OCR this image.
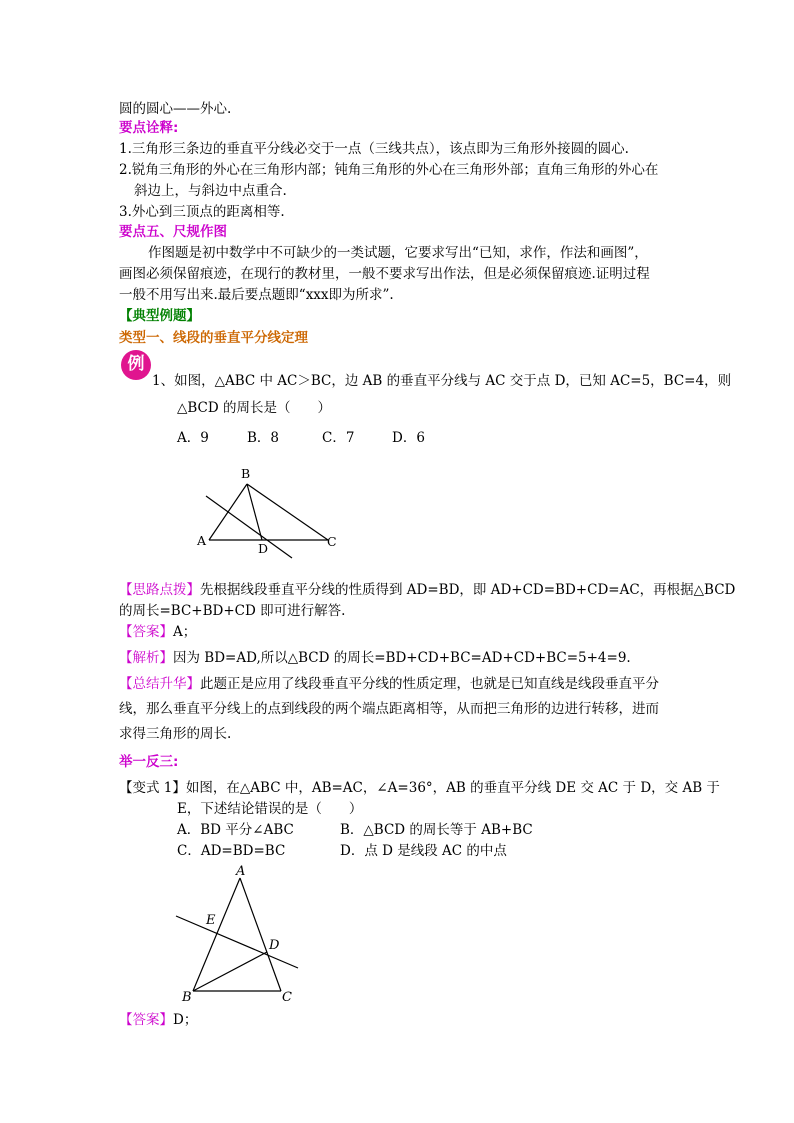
圆的圆心——外心.
要点诠释:
1.三角形三条边的垂直平分线必交于一点（三线共点），该点即为三角形外接圆的圆心.
2.锐角三角形的外心在三角形内部；钝角三角形的外心在三角形外部；直角三角形的外心在
斜边上，与斜边中点重合.
3.外心到三顶点的距离相等.
要点五、尺规作图
作图题是初中数学中不可缺少的一类试题，它要求写出“已知，求作，作法和画图”，
画图必须保留痕迹，在现行的教材里，一般不要求写出作法，但是必须保留痕迹.证明过程
一般不用写出来.最后要点题即“xxx即为所求”.
【典型例题】
类型一、线段的垂直平分线定理
例
1、如图，△ABC 中 AC＞BC，边 AB 的垂直平分线与 AC 交于点 D，已知 AC=5，BC=4，则
△BCD 的周长是（　　）
A．9	B．8	C．7	D．6
B
A
D	C
【思路点拨】先根据线段垂直平分线的性质得到 AD=BD，即 AD+CD=BD+CD=AC，再根据△BCD
的周长=BC+BD+CD 即可进行解答.
【答案】A；
【解析】因为 BD=AD,所以△BCD 的周长=BD+CD+BC=AD+CD+BC=5+4=9.
【总结升华】此题正是应用了线段垂直平分线的性质定理，也就是已知直线是线段垂直平分
线，那么垂直平分线上的点到线段的两个端点距离相等，从而把三角形的边进行转移，进而
求得三角形的周长.
举一反三:
【变式 1】如图，在△ABC 中，AB=AC，∠A=36°，AB 的垂直平分线 DE 交 AC 于 D，交 AB 于
E，下述结论错误的是（　　）
A．BD 平分∠ABC	B．△BCD 的周长等于 AB+BC
C．AD=BD=BC	D．点 D 是线段 AC 的中点
A
E
D
B	C
【答案】D；
